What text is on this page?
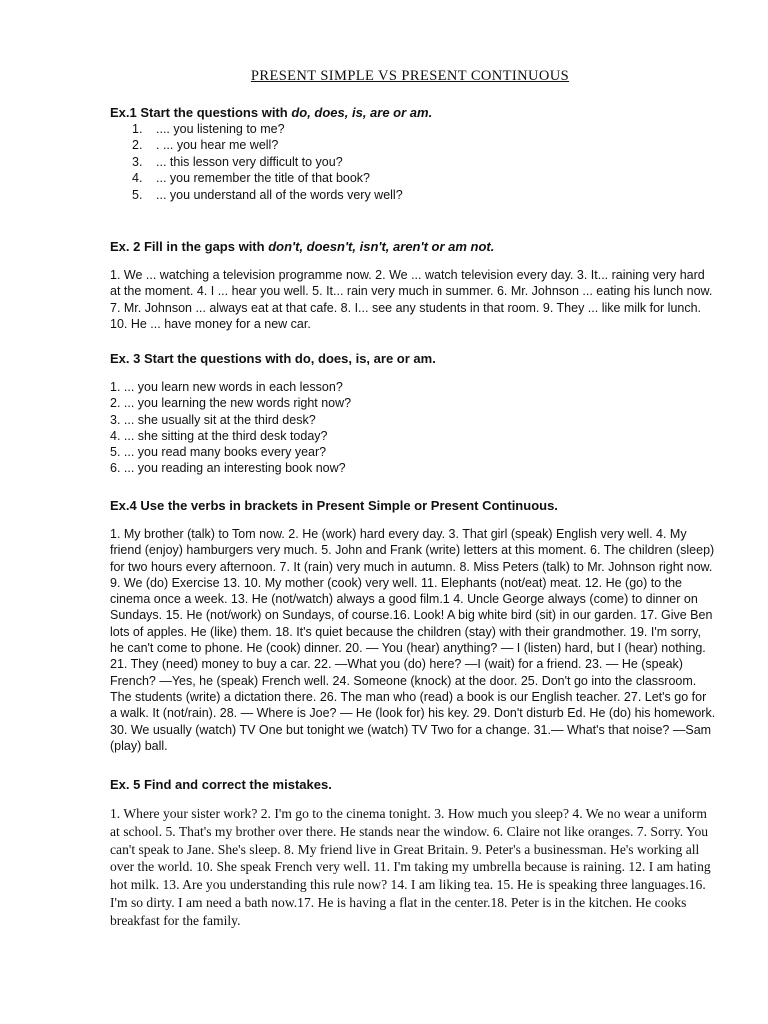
PRESENT SIMPLE VS PRESENT CONTINUOUS

Ex.1 Start the questions with do, does, is, are or am.

1. .... you listening to me?
2. . ... you hear me well?
3. ... this lesson very difficult to you?
4. ... you remember the title of that book?
5. ... you understand all of the words very well?

Ex. 2 Fill in the gaps with don't, doesn't, isn't, aren't or am not.

1. We ... watching a television programme now. 2. We ... watch television every day. 3. It... raining very hard at the moment. 4. I ... hear you well. 5. It... rain very much in summer. 6. Mr. Johnson ... eating his lunch now. 7. Mr. Johnson ... always eat at that cafe. 8. I... see any students in that room. 9. They ... like milk for lunch. 10. He ... have money for a new car.

Ex. 3 Start the questions with do, does, is, are or am.

1. ... you learn new words in each lesson?
2. ... you learning the new words right now?
3. ... she usually sit at the third desk?
4. ... she sitting at the third desk today?
5. ... you read many books every year?
6. ... you reading an interesting book now?

Ex.4 Use the verbs in brackets in Present Simple or Present Continuous.

1. My brother (talk) to Tom now. 2. He (work) hard every day. 3. That girl (speak) English very well. 4. My friend (enjoy) hamburgers very much. 5. John and Frank (write) letters at this moment. 6. The children (sleep) for two hours every afternoon. 7. It (rain) very much in autumn. 8. Miss Peters (talk) to Mr. Johnson right now. 9. We (do) Exercise 13. 10. My mother (cook) very well. 11. Elephants (not/eat) meat. 12. He (go) to the cinema once a week. 13. He (not/watch) always a good film.1 4. Uncle George always (come) to dinner on Sundays. 15. He (not/work) on Sundays, of course.16. Look! A big white bird (sit) in our garden. 17. Give Ben lots of apples. He (like) them. 18. It's quiet because the children (stay) with their grandmother. 19. I'm sorry, he can't come to phone. He (cook) dinner. 20. — You (hear) anything? — I (listen) hard, but I (hear) nothing. 21. They (need) money to buy a car. 22. —What you (do) here? —I (wait) for a friend. 23. — He (speak) French? —Yes, he (speak) French well. 24. Someone (knock) at the door. 25. Don't go into the classroom. The students (write) a dictation there. 26. The man who (read) a book is our English teacher. 27. Let's go for a walk. It (not/rain). 28. — Where is Joe? — He (look for) his key. 29. Don't disturb Ed. He (do) his homework. 30. We usually (watch) TV One but tonight we (watch) TV Two for a change. 31.— What's that noise? —Sam (play) ball.

Ex. 5 Find and correct the mistakes.

1. Where your sister work? 2. I'm go to the cinema tonight. 3. How much you sleep? 4. We no wear a uniform at school. 5. That's my brother over there. He stands near the window. 6. Claire not like oranges. 7. Sorry. You can't speak to Jane. She's sleep. 8. My friend live in Great Britain. 9. Peter's a businessman. He's working all over the world. 10. She speak French very well. 11. I'm taking my umbrella because is raining. 12. I am hating hot milk. 13. Are you understanding this rule now? 14. I am liking tea. 15. He is speaking three languages.16. I'm so dirty. I am need a bath now.17. He is having a flat in the center.18. Peter is in the kitchen. He cooks breakfast for the family.
